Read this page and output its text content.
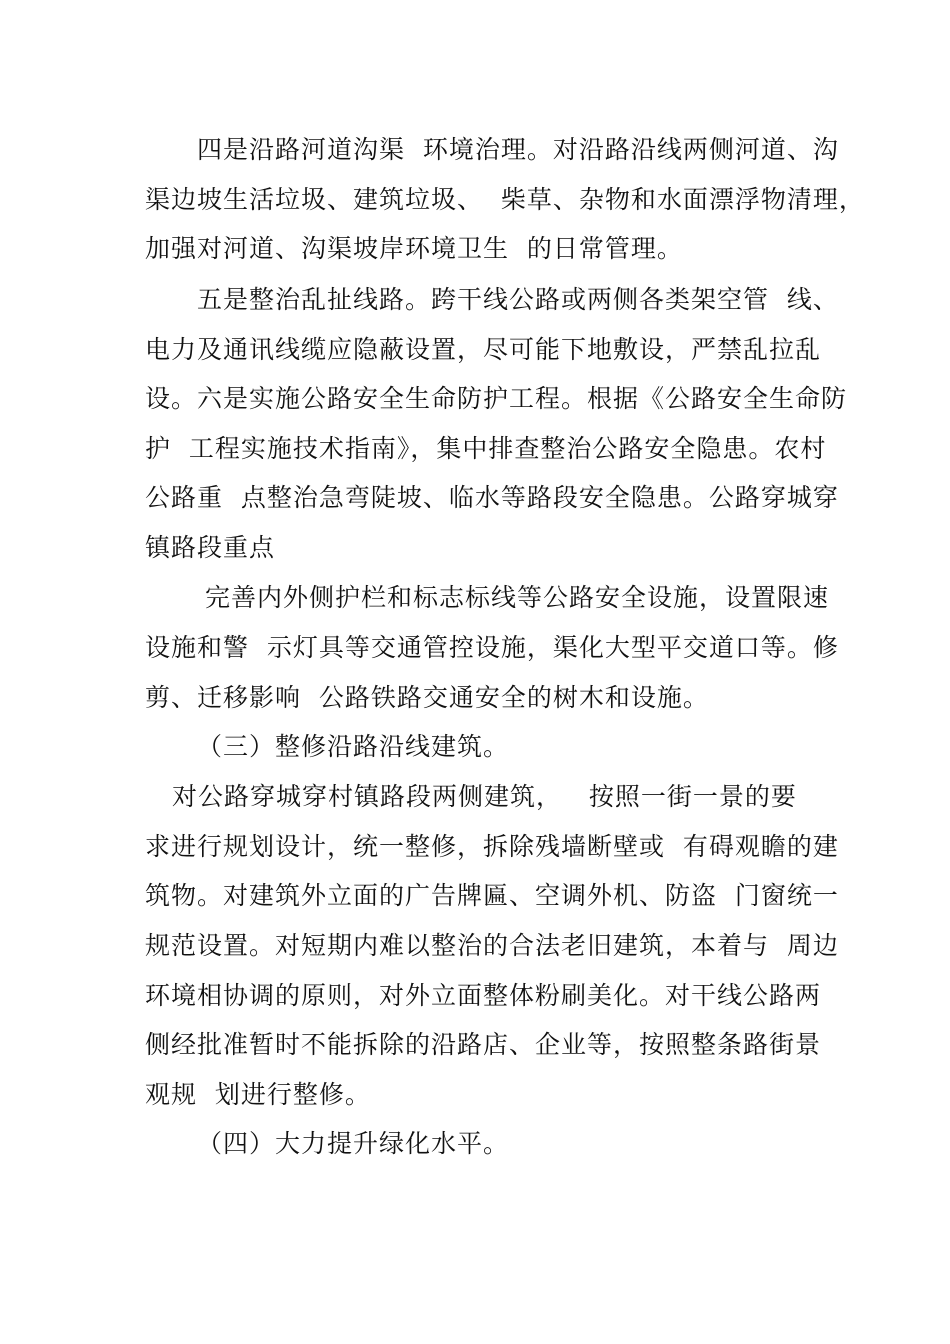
四是沿路河道沟渠  环境治理。对沿路沿线两侧河道、沟
渠边坡生活垃圾、建筑垃圾、  柴草、杂物和水面漂浮物清理，
加强对河道、沟渠坡岸环境卫生  的日常管理。
五是整治乱扯线路。跨干线公路或两侧各类架空管  线、
电力及通讯线缆应隐蔽设置，尽可能下地敷设，严禁乱拉乱
设。六是实施公路安全生命防护工程。根据《公路安全生命防
护  工程实施技术指南》，集中排查整治公路安全隐患。农村
公路重  点整治急弯陡坡、临水等路段安全隐患。公路穿城穿
镇路段重点
完善内外侧护栏和标志标线等公路安全设施，设置限速
设施和警  示灯具等交通管控设施，渠化大型平交道口等。修
剪、迁移影响  公路铁路交通安全的树木和设施。
（三）整修沿路沿线建筑。
对公路穿城穿村镇路段两侧建筑，   按照一街一景的要
求进行规划设计，统一整修，拆除残墙断壁或  有碍观瞻的建
筑物。对建筑外立面的广告牌匾、空调外机、防盗  门窗统一
规范设置。对短期内难以整治的合法老旧建筑，本着与  周边
环境相协调的原则，对外立面整体粉刷美化。对干线公路两
侧经批准暂时不能拆除的沿路店、企业等，按照整条路街景
观规  划进行整修。
（四）大力提升绿化水平。
